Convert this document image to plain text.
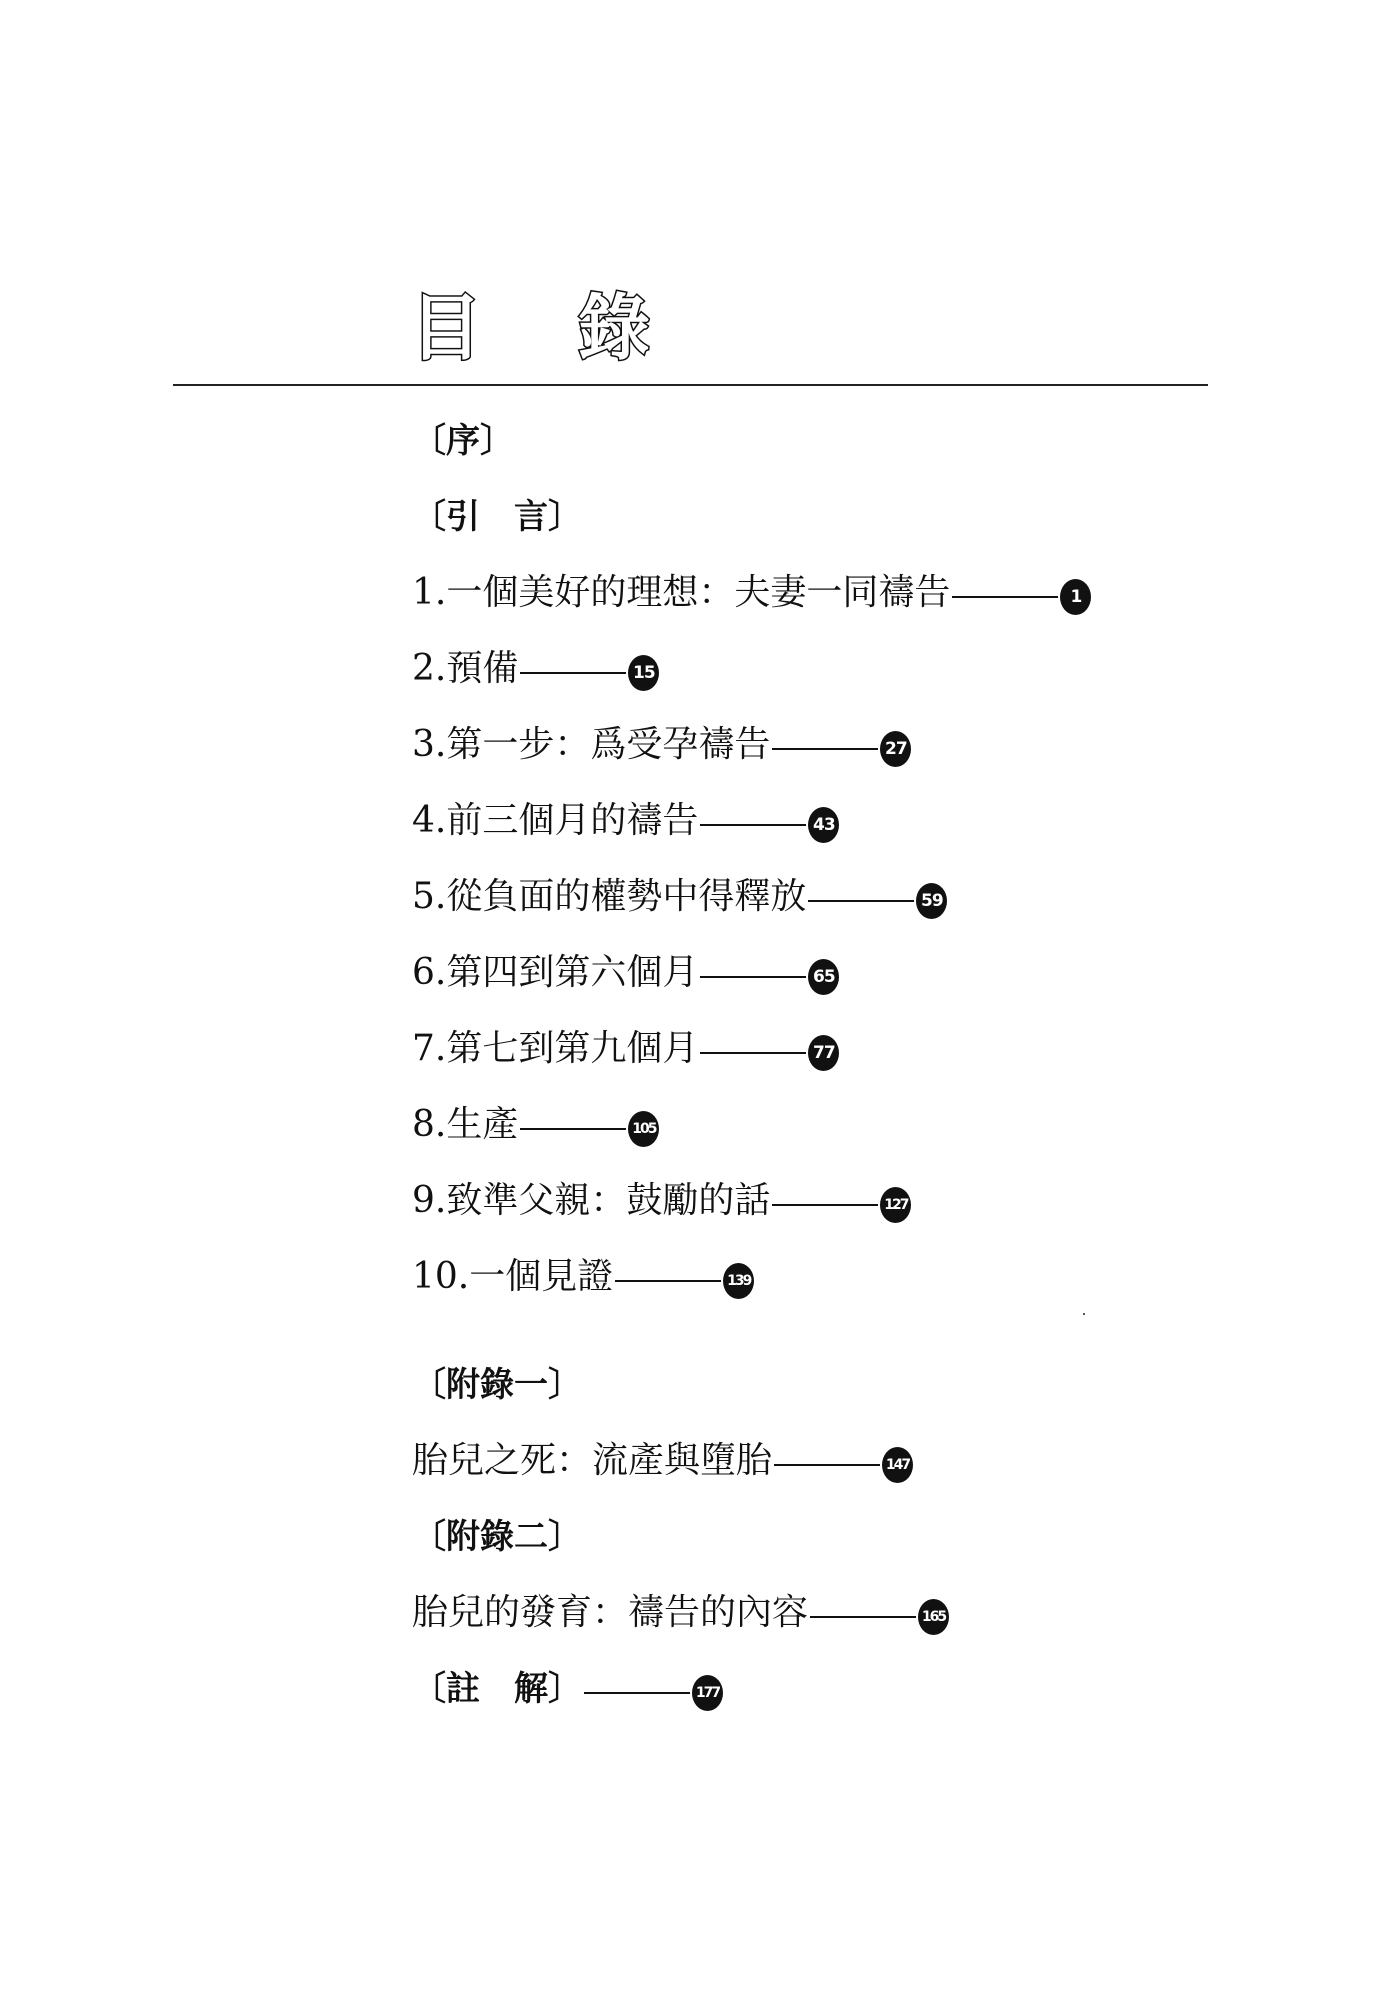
目 錄
〔序〕
〔引　言〕
1.一個美好的理想：夫妻一同禱告	1
2.預備	15
3.第一步：爲受孕禱告	27
4.前三個月的禱告	43
5.從負面的權勢中得釋放	59
6.第四到第六個月	65
7.第七到第九個月	77
8.生產	105
9.致準父親：鼓勵的話	127
10.一個見證	139
〔附錄一〕
胎兒之死：流產與墮胎	147
〔附錄二〕
胎兒的發育：禱告的內容	165
〔註　解〕	177
